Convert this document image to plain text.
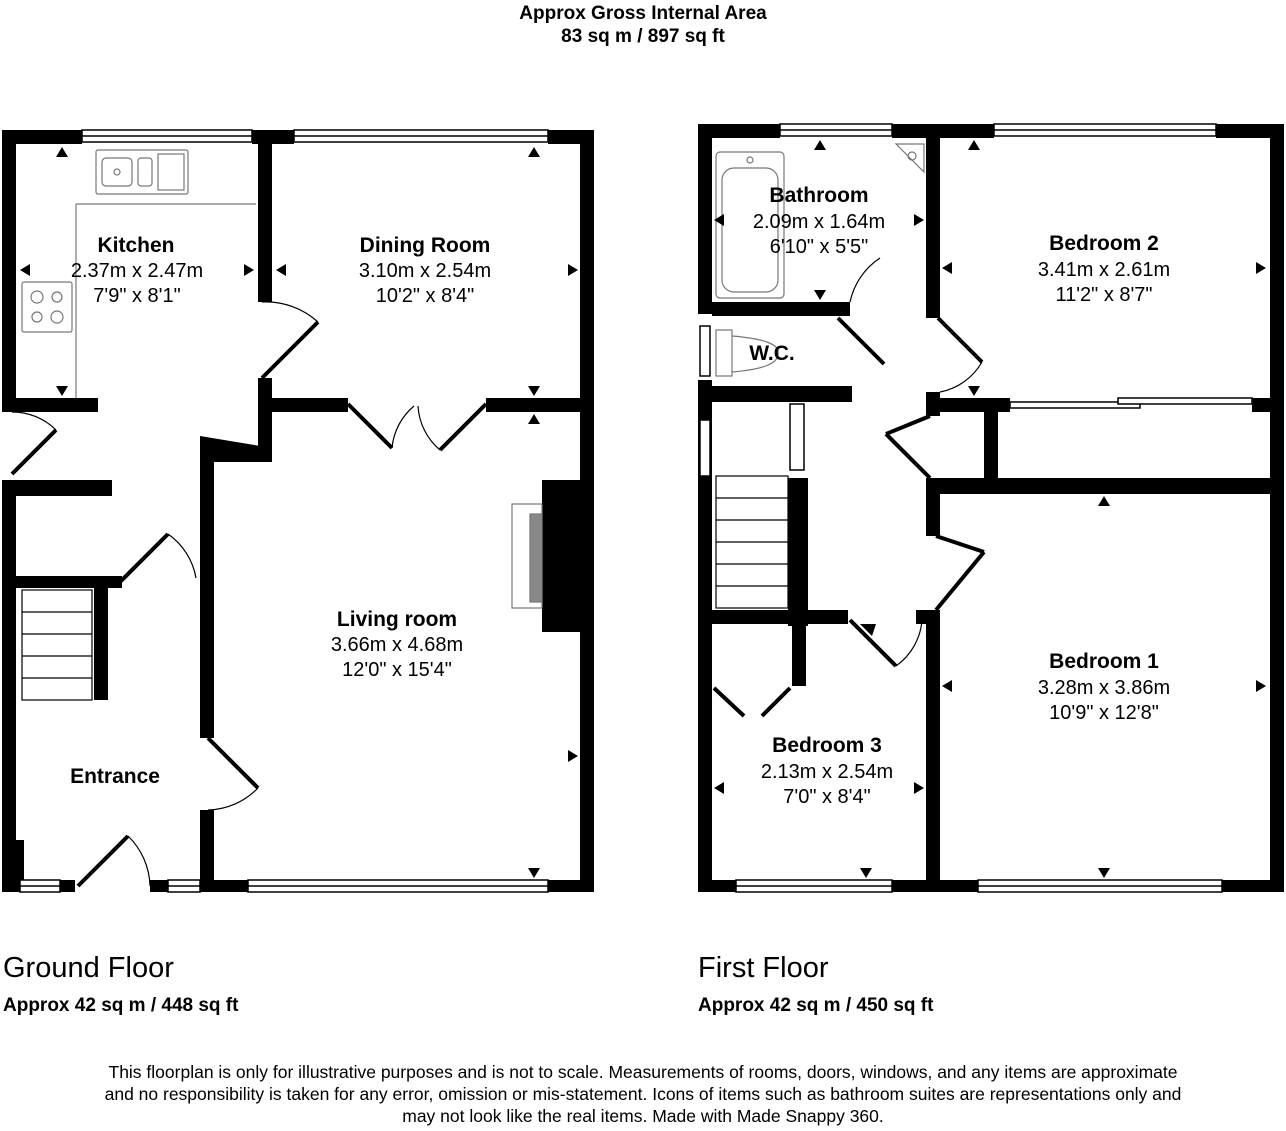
Approx Gross Internal Area
83 sq m / 897 sq ft
Kitchen
2.37m x 2.47m
7'9" x 8'1"
Dining Room
3.10m x 2.54m
10'2" x 8'4"
Living room
3.66m x 4.68m
12'0" x 15'4"
Entrance
Bathroom
2.09m x 1.64m
6'10" x 5'5"	Bedroom 2
3.41m x 2.61m
11'2" x 8'7"
W.C.
Bedroom 1
3.28m x 3.86m
10'9" x 12'8"
Bedroom 3
2.13m x 2.54m
7'0" x 8'4"
Ground Floor
Approx 42 sq m / 448 sq ft
First Floor
Approx 42 sq m / 450 sq ft
This floorplan is only for illustrative purposes and is not to scale. Measurements of rooms, doors, windows, and any items are approximate
and no responsibility is taken for any error, omission or mis-statement. Icons of items such as bathroom suites are representations only and
may not look like the real items. Made with Made Snappy 360.
